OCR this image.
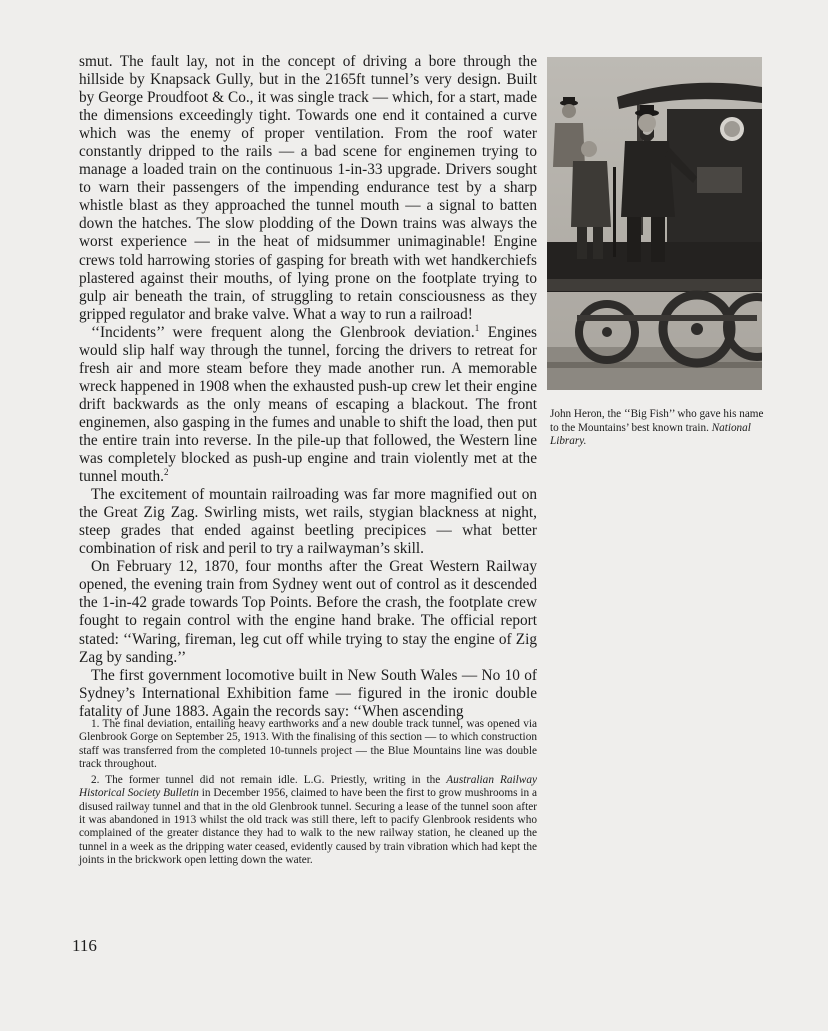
smut. The fault lay, not in the concept of driving a bore through the hillside by Knapsack Gully, but in the 2165ft tunnel’s very design. Built by George Proudfoot & Co., it was single track — which, for a start, made the dimensions exceedingly tight. Towards one end it contained a curve which was the enemy of proper ventilation. From the roof water constantly dripped to the rails — a bad scene for enginemen trying to manage a loaded train on the continuous 1-in-33 upgrade. Drivers sought to warn their passengers of the impending endurance test by a sharp whistle blast as they approached the tunnel mouth — a signal to batten down the hatches. The slow plodding of the Down trains was always the worst experience — in the heat of midsummer unimaginable! Engine crews told harrowing stories of gasping for breath with wet handkerchiefs plastered against their mouths, of lying prone on the footplate trying to gulp air beneath the train, of struggling to retain consciousness as they gripped regulator and brake valve. What a way to run a railroad!

‘‘Incidents’’ were frequent along the Glenbrook deviation.$^1$ Engines would slip half way through the tunnel, forcing the drivers to retreat for fresh air and more steam before they made another run. A memorable wreck happened in 1908 when the exhausted push-up crew let their engine drift backwards as the only means of escaping a blackout. The front enginemen, also gasping in the fumes and unable to shift the load, then put the entire train into reverse. In the pile-up that followed, the Western line was completely blocked as push-up engine and train violently met at the tunnel mouth.$^2$

The excitement of mountain railroading was far more magnified out on the Great Zig Zag. Swirling mists, wet rails, stygian blackness at night, steep grades that ended against beetling precipices — what better combination of risk and peril to try a railwayman’s skill.

On February 12, 1870, four months after the Great Western Railway opened, the evening train from Sydney went out of control as it descended the 1-in-42 grade towards Top Points. Before the crash, the footplate crew fought to regain control with the engine hand brake. The official report stated: ‘‘Waring, fireman, leg cut off while trying to stay the engine of Zig Zag by sanding.’’

The first government locomotive built in New South Wales — No 10 of Sydney’s International Exhibition fame — figured in the ironic double fatality of June 1883. Again the records say: ‘‘When ascending

John Heron, the ‘‘Big Fish’’ who gave his name to the Mountains’ best known train. National Library.

1. The final deviation, entailing heavy earthworks and a new double track tunnel, was opened via Glenbrook Gorge on September 25, 1913. With the finalising of this section — to which construction staff was transferred from the completed 10-tunnels project — the Blue Mountains line was double track throughout.

2. The former tunnel did not remain idle. L.G. Priestly, writing in the Australian Railway Historical Society Bulletin in December 1956, claimed to have been the first to grow mushrooms in a disused railway tunnel and that in the old Glenbrook tunnel. Securing a lease of the tunnel soon after it was abandoned in 1913 whilst the old track was still there, left to pacify Glenbrook residents who complained of the greater distance they had to walk to the new railway station, he cleaned up the tunnel in a week as the dripping water ceased, evidently caused by train vibration which had kept the joints in the brickwork open letting down the water.

116
